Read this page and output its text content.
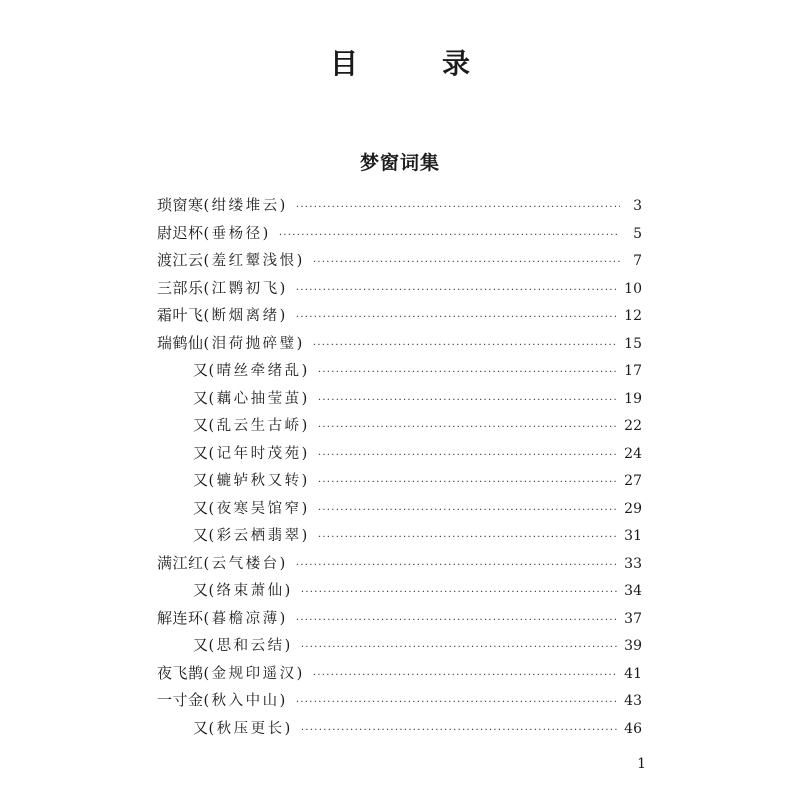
目　录
梦窗词集
琐窗寒 (绀缕堆云) ·····	3
尉迟杯 (垂杨径) ·····	5
渡江云 (羞红颦浅恨) ·····	7
三部乐 (江鹮初飞) ·····	10
霜叶飞 (断烟离绪) ·····	12
瑞鹤仙 (泪荷抛碎璧) ·····	15
又 (晴丝牵绪乱) ·····	17
又 (藕心抽莹茧) ·····	19
又 (乱云生古峤) ·····	22
又 (记年时茂苑) ·····	24
又 (辘轳秋又转) ·····	27
又 (夜寒吴馆窄) ·····	29
又 (彩云栖翡翠) ·····	31
满江红 (云气楼台) ·····	33
又 (络束萧仙) ·····	34
解连环 (暮檐凉薄) ·····	37
又 (思和云结) ·····	39
夜飞鹊 (金规印遥汉) ·····	41
一寸金 (秋入中山) ·····	43
又 (秋压更长) ·····	46
1
